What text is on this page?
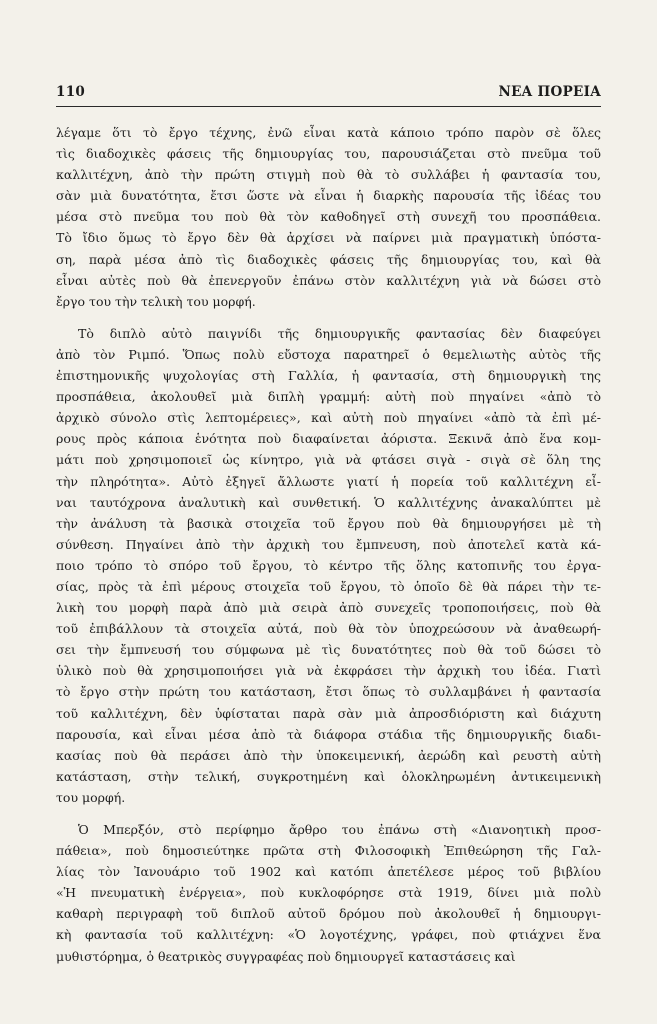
110	ΝΕΑ ΠΟΡΕΙΑ

λέγαμε ὅτι τὸ ἔργο τέχνης, ἐνῶ εἶναι κατὰ κάποιο τρόπο παρὸν σὲ ὅλες
τὶς διαδοχικὲς φάσεις τῆς δημιουργίας του, παρουσιάζεται στὸ πνεῦμα τοῦ
καλλιτέχνη, ἀπὸ τὴν πρώτη στιγμὴ ποὺ θὰ τὸ συλλάβει ἡ φαντασία του,
σὰν μιὰ δυνατότητα, ἔτσι ὥστε νὰ εἶναι ἡ διαρκὴς παρουσία τῆς ἰδέας του
μέσα στὸ πνεῦμα του ποὺ θὰ τὸν καθοδηγεῖ στὴ συνεχῆ του προσπάθεια.
Τὸ ἴδιο ὅμως τὸ ἔργο δὲν θὰ ἀρχίσει νὰ παίρνει μιὰ πραγματικὴ ὑπόστα-
ση, παρὰ μέσα ἀπὸ τὶς διαδοχικὲς φάσεις τῆς δημιουργίας του, καὶ θὰ
εἶναι αὐτὲς ποὺ θὰ ἐπενεργοῦν ἐπάνω στὸν καλλιτέχνη γιὰ νὰ δώσει στὸ
ἔργο του τὴν τελικὴ του μορφή.

Τὸ διπλὸ αὐτὸ παιγνίδι τῆς δημιουργικῆς φαντασίας δὲν διαφεύγει
ἀπὸ τὸν Ριμπό. Ὅπως πολὺ εὔστοχα παρατηρεῖ ὁ θεμελιωτὴς αὐτὸς τῆς
ἐπιστημονικῆς ψυχολογίας στὴ Γαλλία, ἡ φαντασία, στὴ δημιουργικὴ της
προσπάθεια, ἀκολουθεῖ μιὰ διπλὴ γραμμή: αὐτὴ ποὺ πηγαίνει «ἀπὸ τὸ
ἀρχικὸ σύνολο στὶς λεπτομέρειες», καὶ αὐτὴ ποὺ πηγαίνει «ἀπὸ τὰ ἐπὶ μέ-
ρους πρὸς κάποια ἑνότητα ποὺ διαφαίνεται ἀόριστα. Ξεκινᾶ ἀπὸ ἕνα κομ-
μάτι ποὺ χρησιμοποιεῖ ὡς κίνητρο, γιὰ νὰ φτάσει σιγὰ - σιγὰ σὲ ὅλη της
τὴν πληρότητα». Αὐτὸ ἐξηγεῖ ἄλλωστε γιατί ἡ πορεία τοῦ καλλιτέχνη εἶ-
ναι ταυτόχρονα ἀναλυτικὴ καὶ συνθετική. Ὁ καλλιτέχνης ἀνακαλύπτει μὲ
τὴν ἀνάλυση τὰ βασικὰ στοιχεῖα τοῦ ἔργου ποὺ θὰ δημιουργήσει μὲ τὴ
σύνθεση. Πηγαίνει ἀπὸ τὴν ἀρχικὴ του ἔμπνευση, ποὺ ἀποτελεῖ κατὰ κά-
ποιο τρόπο τὸ σπόρο τοῦ ἔργου, τὸ κέντρο τῆς ὅλης κατοπινῆς του ἐργα-
σίας, πρὸς τὰ ἐπὶ μέρους στοιχεῖα τοῦ ἔργου, τὸ ὁποῖο δὲ θὰ πάρει τὴν τε-
λικὴ του μορφὴ παρὰ ἀπὸ μιὰ σειρὰ ἀπὸ συνεχεῖς τροποποιήσεις, ποὺ θὰ
τοῦ ἐπιβάλλουν τὰ στοιχεῖα αὐτά, ποὺ θὰ τὸν ὑποχρεώσουν νὰ ἀναθεωρή-
σει τὴν ἔμπνευσή του σύμφωνα μὲ τὶς δυνατότητες ποὺ θὰ τοῦ δώσει τὸ
ὑλικὸ ποὺ θὰ χρησιμοποιήσει γιὰ νὰ ἐκφράσει τὴν ἀρχικὴ του ἰδέα. Γιατὶ
τὸ ἔργο στὴν πρώτη του κατάσταση, ἔτσι ὅπως τὸ συλλαμβάνει ἡ φαντασία
τοῦ καλλιτέχνη, δὲν ὑφίσταται παρὰ σὰν μιὰ ἀπροσδιόριστη καὶ διάχυτη
παρουσία, καὶ εἶναι μέσα ἀπὸ τὰ διάφορα στάδια τῆς δημιουργικῆς διαδι-
κασίας ποὺ θὰ περάσει ἀπὸ τὴν ὑποκειμενική, ἀερώδη καὶ ρευστὴ αὐτὴ
κατάσταση, στὴν τελική, συγκροτημένη καὶ ὁλοκληρωμένη ἀντικειμενικὴ
του μορφή.

Ὁ Μπερξόν, στὸ περίφημο ἄρθρο του ἐπάνω στὴ «Διανοητικὴ προσ-
πάθεια», ποὺ δημοσιεύτηκε πρῶτα στὴ Φιλοσοφικὴ Ἐπιθεώρηση τῆς Γαλ-
λίας τὸν Ἰανουάριο τοῦ 1902 καὶ κατόπι ἀπετέλεσε μέρος τοῦ βιβλίου
«Ἡ πνευματικὴ ἐνέργεια», ποὺ κυκλοφόρησε στὰ 1919, δίνει μιὰ πολὺ
καθαρὴ περιγραφὴ τοῦ διπλοῦ αὐτοῦ δρόμου ποὺ ἀκολουθεῖ ἡ δημιουργι-
κὴ φαντασία τοῦ καλλιτέχνη: «Ὁ λογοτέχνης, γράφει, ποὺ φτιάχνει ἕνα
μυθιστόρημα, ὁ θεατρικὸς συγγραφέας ποὺ δημιουργεῖ καταστάσεις καὶ
